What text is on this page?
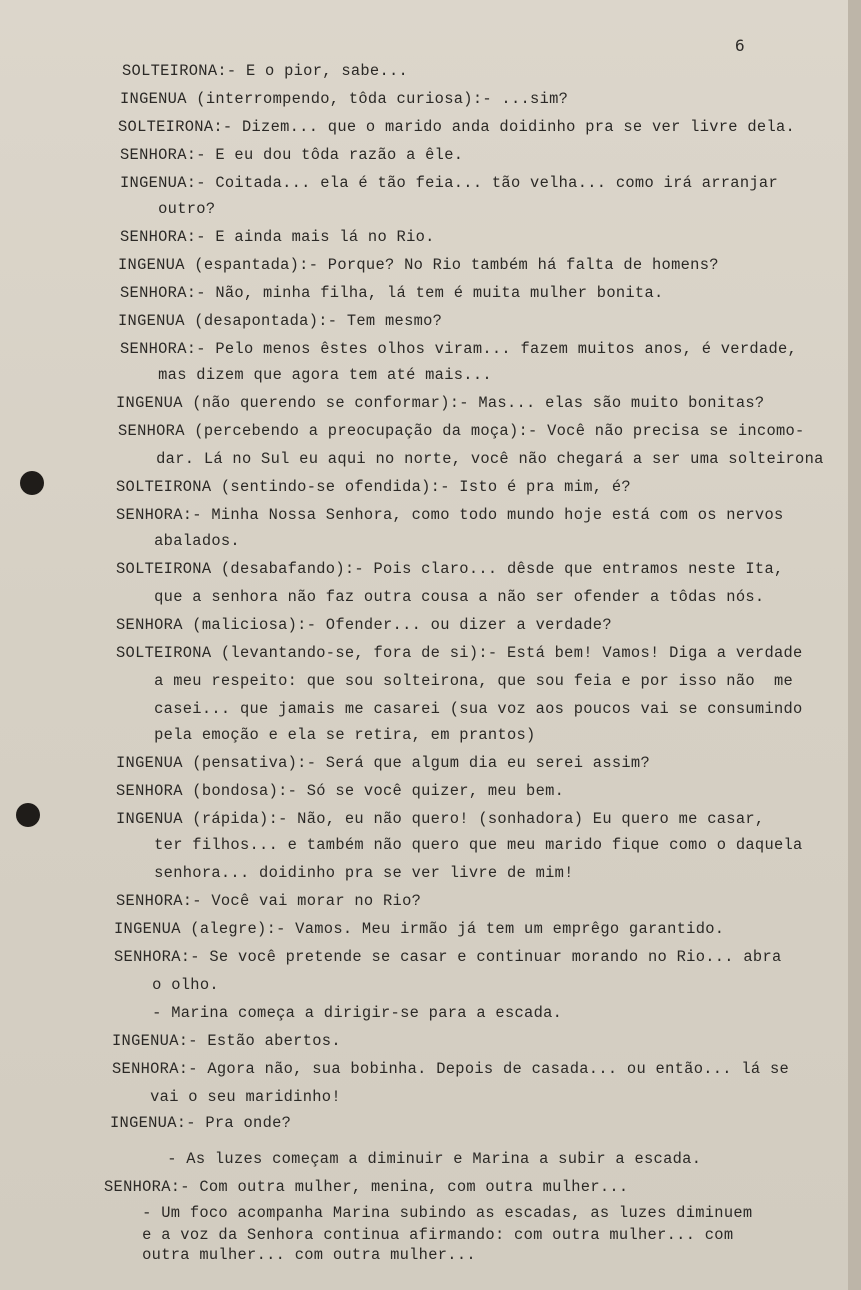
6
SOLTEIRONA:- E o pior, sabe...
INGENUA (interrompendo, tôda curiosa):- ...sim?
SOLTEIRONA:- Dizem... que o marido anda doidinho pra se ver livre dela.
SENHORA:- E eu dou tôda razão a êle.
INGENUA:- Coitada... ela é tão feia... tão velha... como irá arranjar
outro?
SENHORA:- E ainda mais lá no Rio.
INGENUA (espantada):- Porque? No Rio também há falta de homens?
SENHORA:- Não, minha filha, lá tem é muita mulher bonita.
INGENUA (desapontada):- Tem mesmo?
SENHORA:- Pelo menos êstes olhos viram... fazem muitos anos, é verdade,
mas dizem que agora tem até mais...
INGENUA (não querendo se conformar):- Mas... elas são muito bonitas?
SENHORA (percebendo a preocupação da moça):- Você não precisa se incomo-
dar. Lá no Sul eu aqui no norte, você não chegará a ser uma solteirona
SOLTEIRONA (sentindo-se ofendida):- Isto é pra mim, é?
SENHORA:- Minha Nossa Senhora, como todo mundo hoje está com os nervos
abalados.
SOLTEIRONA (desabafando):- Pois claro... dêsde que entramos neste Ita,
que a senhora não faz outra cousa a não ser ofender a tôdas nós.
SENHORA (maliciosa):- Ofender... ou dizer a verdade?
SOLTEIRONA (levantando-se, fora de si):- Está bem! Vamos! Diga a verdade
a meu respeito: que sou solteirona, que sou feia e por isso não  me
casei... que jamais me casarei (sua voz aos poucos vai se consumindo
pela emoção e ela se retira, em prantos)
INGENUA (pensativa):- Será que algum dia eu serei assim?
SENHORA (bondosa):- Só se você quizer, meu bem.
INGENUA (rápida):- Não, eu não quero! (sonhadora) Eu quero me casar,
ter filhos... e também não quero que meu marido fique como o daquela
senhora... doidinho pra se ver livre de mim!
SENHORA:- Você vai morar no Rio?
INGENUA (alegre):- Vamos. Meu irmão já tem um emprêgo garantido.
SENHORA:- Se você pretende se casar e continuar morando no Rio... abra
o olho.
- Marina começa a dirigir-se para a escada.
INGENUA:- Estão abertos.
SENHORA:- Agora não, sua bobinha. Depois de casada... ou então... lá se
vai o seu maridinho!
INGENUA:- Pra onde?
- As luzes começam a diminuir e Marina a subir a escada.
SENHORA:- Com outra mulher, menina, com outra mulher...
- Um foco acompanha Marina subindo as escadas, as luzes diminuem
e a voz da Senhora continua afirmando: com outra mulher... com
outra mulher... com outra mulher...
